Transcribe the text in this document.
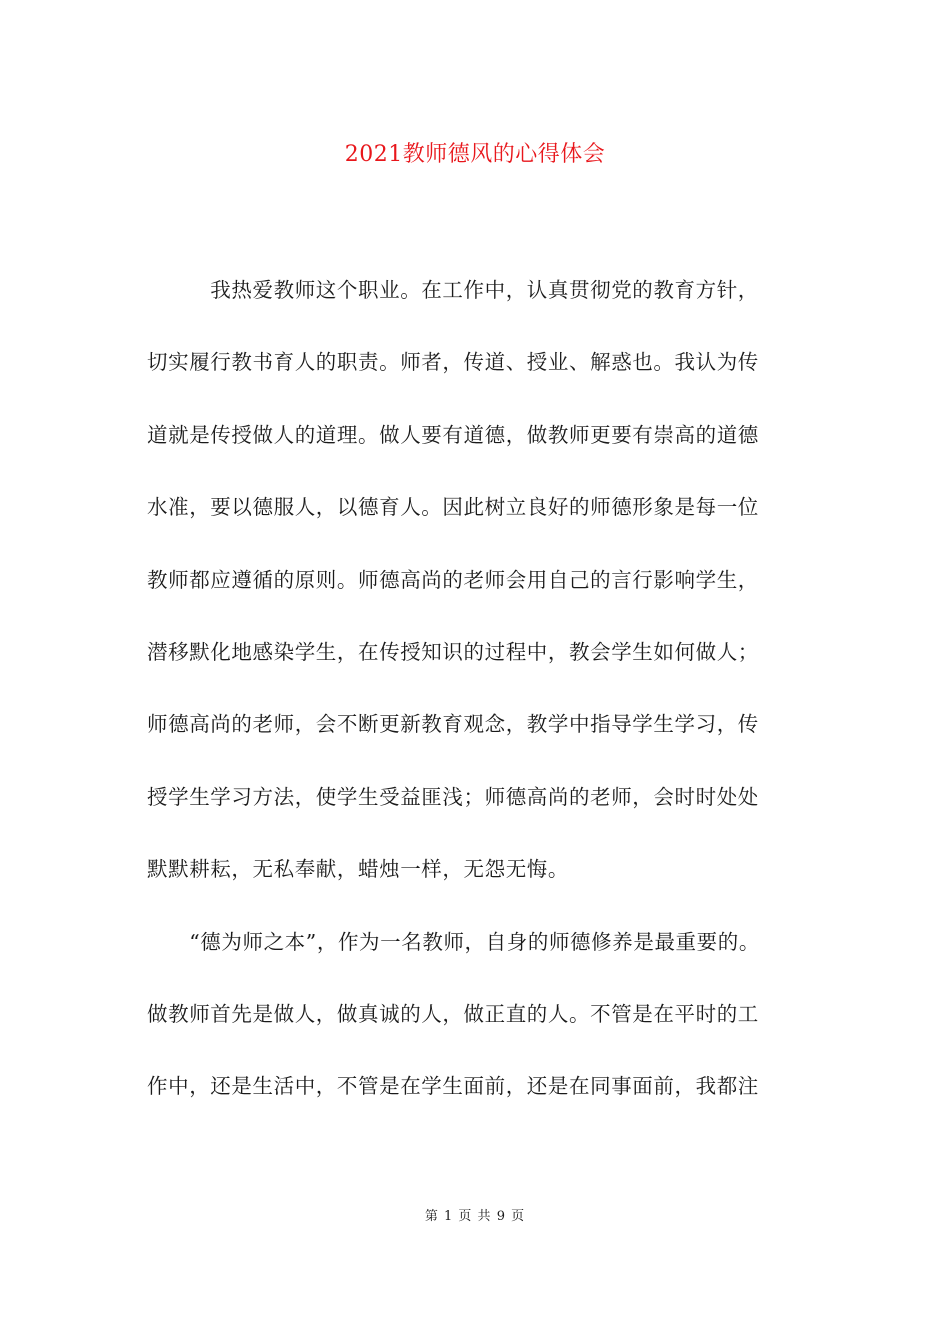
2021教师德风的心得体会
　　　我热爱教师这个职业。在工作中，认真贯彻党的教育方针，
切实履行教书育人的职责。师者，传道、授业、解惑也。我认为传
道就是传授做人的道理。做人要有道德，做教师更要有崇高的道德
水准，要以德服人，以德育人。因此树立良好的师德形象是每一位
教师都应遵循的原则。师德高尚的老师会用自己的言行影响学生，
潜移默化地感染学生，在传授知识的过程中，教会学生如何做人；
师德高尚的老师，会不断更新教育观念，教学中指导学生学习，传
授学生学习方法，使学生受益匪浅；师德高尚的老师，会时时处处
默默耕耘，无私奉献，蜡烛一样，无怨无悔。
　　“德为师之本”，作为一名教师，自身的师德修养是最重要的。
做教师首先是做人，做真诚的人，做正直的人。不管是在平时的工
作中，还是生活中，不管是在学生面前，还是在同事面前，我都注
第 1 页 共 9 页
